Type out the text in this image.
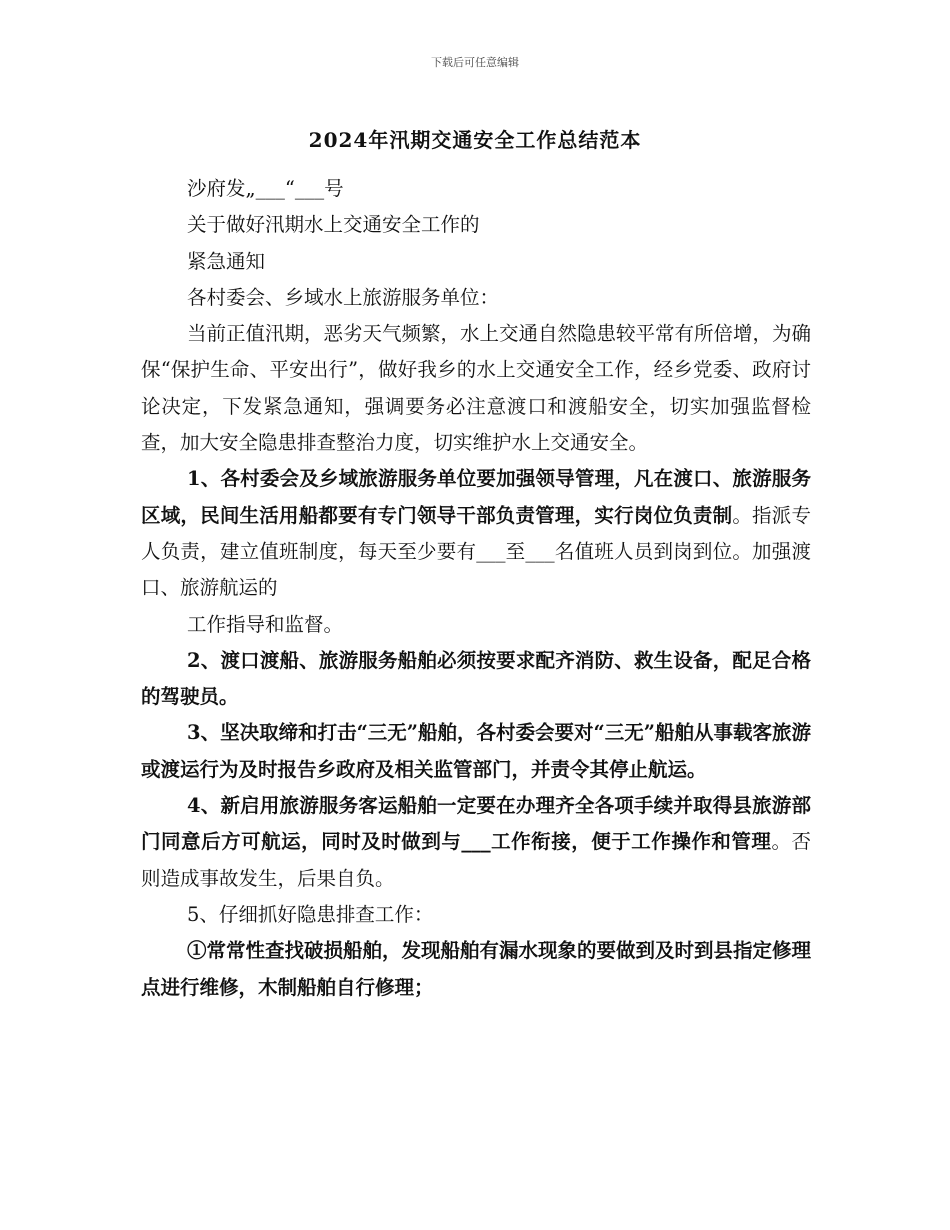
下载后可任意编辑
2024年汛期交通安全工作总结范本

沙府发„___“___号

关于做好汛期水上交通安全工作的

紧急通知

各村委会、乡域水上旅游服务单位：

当前正值汛期，恶劣天气频繁，水上交通自然隐患较平常有所倍增，为确保“保护生命、平安出行”，做好我乡的水上交通安全工作，经乡党委、政府讨论决定，下发紧急通知，强调要务必注意渡口和渡船安全，切实加强监督检查，加大安全隐患排查整治力度，切实维护水上交通安全。

1、各村委会及乡域旅游服务单位要加强领导管理，凡在渡口、旅游服务区域，民间生活用船都要有专门领导干部负责管理，实行岗位负责制。指派专人负责，建立值班制度，每天至少要有___至___名值班人员到岗到位。加强渡口、旅游航运的

工作指导和监督。

2、渡口渡船、旅游服务船舶必须按要求配齐消防、救生设备，配足合格的驾驶员。

3、坚决取缔和打击“三无”船舶，各村委会要对“三无”船舶从事载客旅游或渡运行为及时报告乡政府及相关监管部门，并责令其停止航运。

4、新启用旅游服务客运船舶一定要在办理齐全各项手续并取得县旅游部门同意后方可航运，同时及时做到与___工作衔接，便于工作操作和管理。否则造成事故发生，后果自负。

5、仔细抓好隐患排查工作：

①常常性查找破损船舶，发现船舶有漏水现象的要做到及时到县指定修理点进行维修，木制船舶自行修理；
